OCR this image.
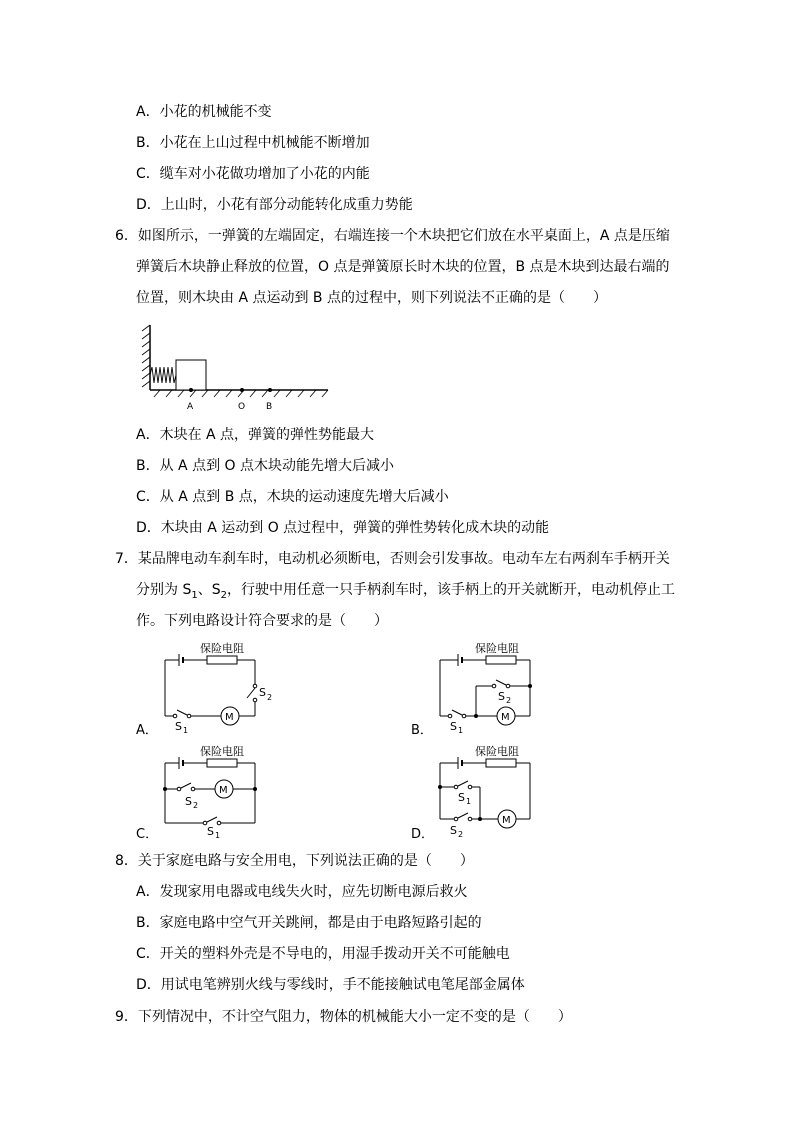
A．小花的机械能不变
B．小花在上山过程中机械能不断增加
C．缆车对小花做功增加了小花的内能
D．上山时，小花有部分动能转化成重力势能
6．如图所示，一弹簧的左端固定，右端连接一个木块把它们放在水平桌面上，A 点是压缩
弹簧后木块静止释放的位置，O 点是弹簧原长时木块的位置，B 点是木块到达最右端的
位置，则木块由 A 点运动到 B 点的过程中，则下列说法不正确的是（　　）
A	O B
A．木块在 A 点，弹簧的弹性势能最大
B．从 A 点到 O 点木块动能先增大后减小
C．从 A 点到 B 点，木块的运动速度先增大后减小
D．木块由 A 运动到 O 点过程中，弹簧的弹性势转化成木块的动能
7．某品牌电动车刹车时，电动机必须断电，否则会引发事故。电动车左右两刹车手柄开关
分别为 $S_1$、$S_2$，行驶中用任意一只手柄刹车时，该手柄上的开关就断开，电动机停止工
作。下列电路设计符合要求的是（　　）
A．
保险电阻
S 2
M
S 1	B．
保险电阻
S 2
M
S 1
C．
保险电阻
M
S 2
S 1	D．
保险电阻
S 1
M
S 2
8．关于家庭电路与安全用电，下列说法正确的是（　　）
A．发现家用电器或电线失火时，应先切断电源后救火
B．家庭电路中空气开关跳闸，都是由于电路短路引起的
C．开关的塑料外壳是不导电的，用湿手拨动开关不可能触电
D．用试电笔辨别火线与零线时，手不能接触试电笔尾部金属体
9．下列情况中，不计空气阻力，物体的机械能大小一定不变的是（　　）
